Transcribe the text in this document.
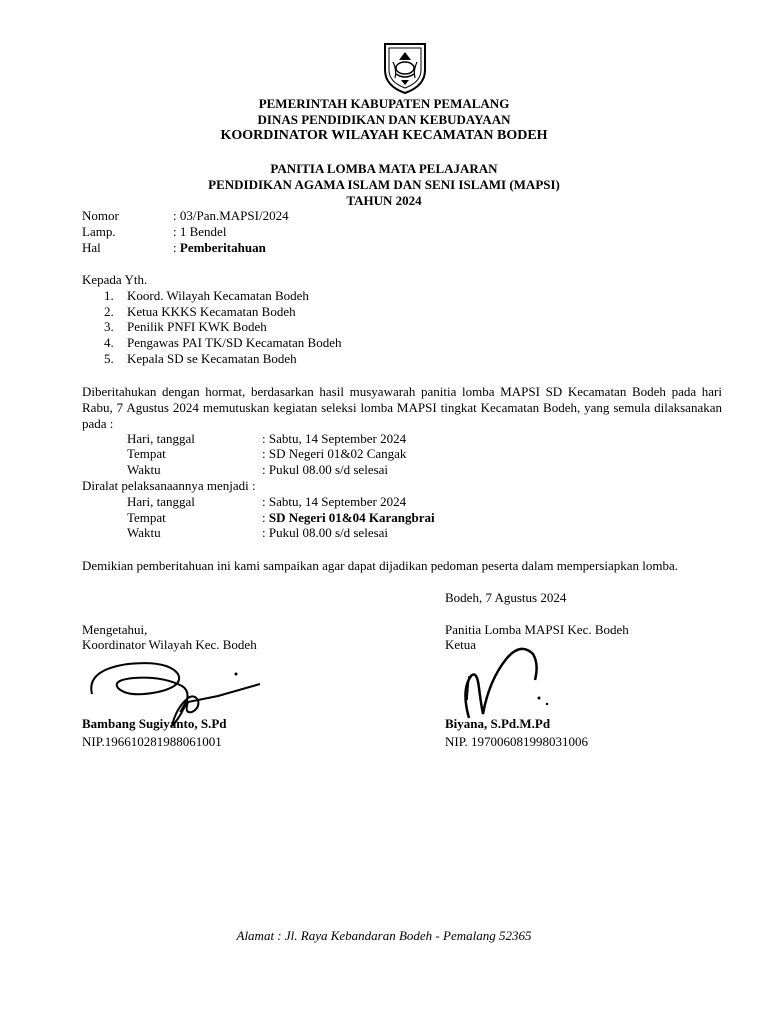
PEMERINTAH KABUPATEN PEMALANG
DINAS PENDIDIKAN DAN KEBUDAYAAN
KOORDINATOR WILAYAH KECAMATAN BODEH
PANITIA LOMBA MATA PELAJARAN
PENDIDIKAN AGAMA ISLAM DAN SENI ISLAMI (MAPSI)
TAHUN 2024
Nomor	: 03/Pan.MAPSI/2024
Lamp.	: 1 Bendel
Hal	: Pemberitahuan
Kepada Yth.
1. Koord. Wilayah Kecamatan Bodeh
2. Ketua KKKS Kecamatan Bodeh
3. Penilik PNFI KWK Bodeh
4. Pengawas PAI TK/SD Kecamatan Bodeh
5. Kepala SD se Kecamatan Bodeh
Diberitahukan dengan hormat, berdasarkan hasil musyawarah panitia lomba MAPSI SD Kecamatan Bodeh pada hari Rabu, 7 Agustus 2024 memutuskan kegiatan seleksi lomba MAPSI tingkat Kecamatan Bodeh, yang semula dilaksanakan pada :
Hari, tanggal	: Sabtu, 14 September 2024
Tempat	: SD Negeri 01&02 Cangak
Waktu	: Pukul 08.00 s/d selesai
Diralat pelaksanaannya menjadi :
Hari, tanggal	: Sabtu, 14 September 2024
Tempat	: SD Negeri 01&04 Karangbrai
Waktu	: Pukul 08.00 s/d selesai
Demikian pemberitahuan ini kami sampaikan agar dapat dijadikan pedoman peserta dalam mempersiapkan lomba.
Bodeh, 7 Agustus 2024
Mengetahui,
Koordinator Wilayah Kec. Bodeh
Bambang Sugiyanto, S.Pd
NIP.196610281988061001
Panitia Lomba MAPSI Kec. Bodeh
Ketua
Biyana, S.Pd.M.Pd
NIP. 197006081998031006
Alamat : Jl. Raya Kebandaran Bodeh - Pemalang 52365
